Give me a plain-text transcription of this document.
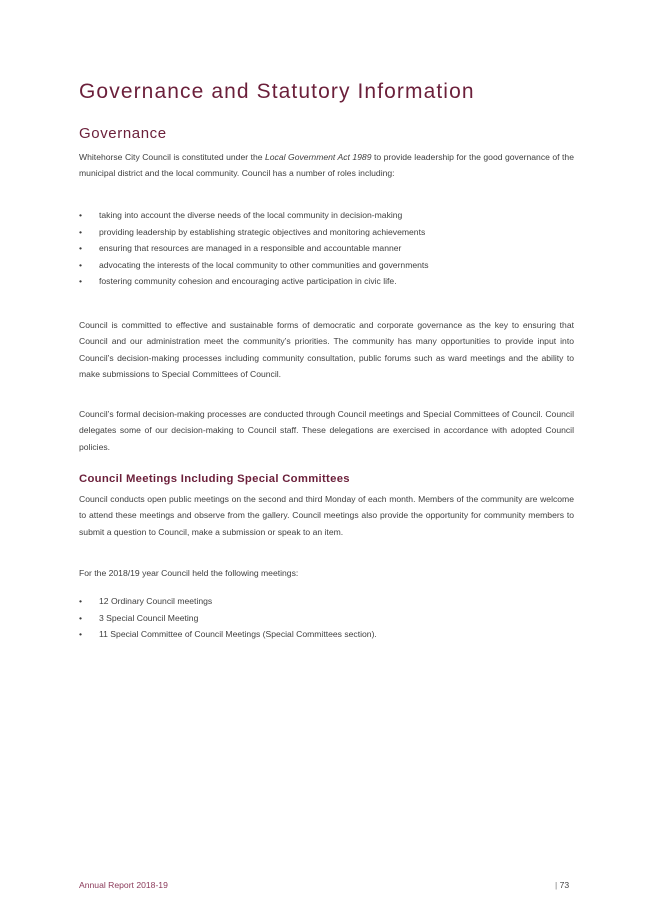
Governance and Statutory Information
Governance

Whitehorse City Council is constituted under the Local Government Act 1989 to provide leadership for the good governance of the municipal district and the local community. Council has a number of roles including:

• taking into account the diverse needs of the local community in decision-making
• providing leadership by establishing strategic objectives and monitoring achievements
• ensuring that resources are managed in a responsible and accountable manner
• advocating the interests of the local community to other communities and governments
• fostering community cohesion and encouraging active participation in civic life.

Council is committed to effective and sustainable forms of democratic and corporate governance as the key to ensuring that Council and our administration meet the community’s priorities. The community has many opportunities to provide input into Council’s decision-making processes including community consultation, public forums such as ward meetings and the ability to make submissions to Special Committees of Council.

Council’s formal decision-making processes are conducted through Council meetings and Special Committees of Council. Council delegates some of our decision-making to Council staff. These delegations are exercised in accordance with adopted Council policies.

Council Meetings Including Special Committees

Council conducts open public meetings on the second and third Monday of each month. Members of the community are welcome to attend these meetings and observe from the gallery. Council meetings also provide the opportunity for community members to submit a question to Council, make a submission or speak to an item.

For the 2018/19 year Council held the following meetings:

• 12 Ordinary Council meetings
• 3 Special Council Meeting
• 11 Special Committee of Council Meetings (Special Committees section).
Annual Report 2018-19	| 73
